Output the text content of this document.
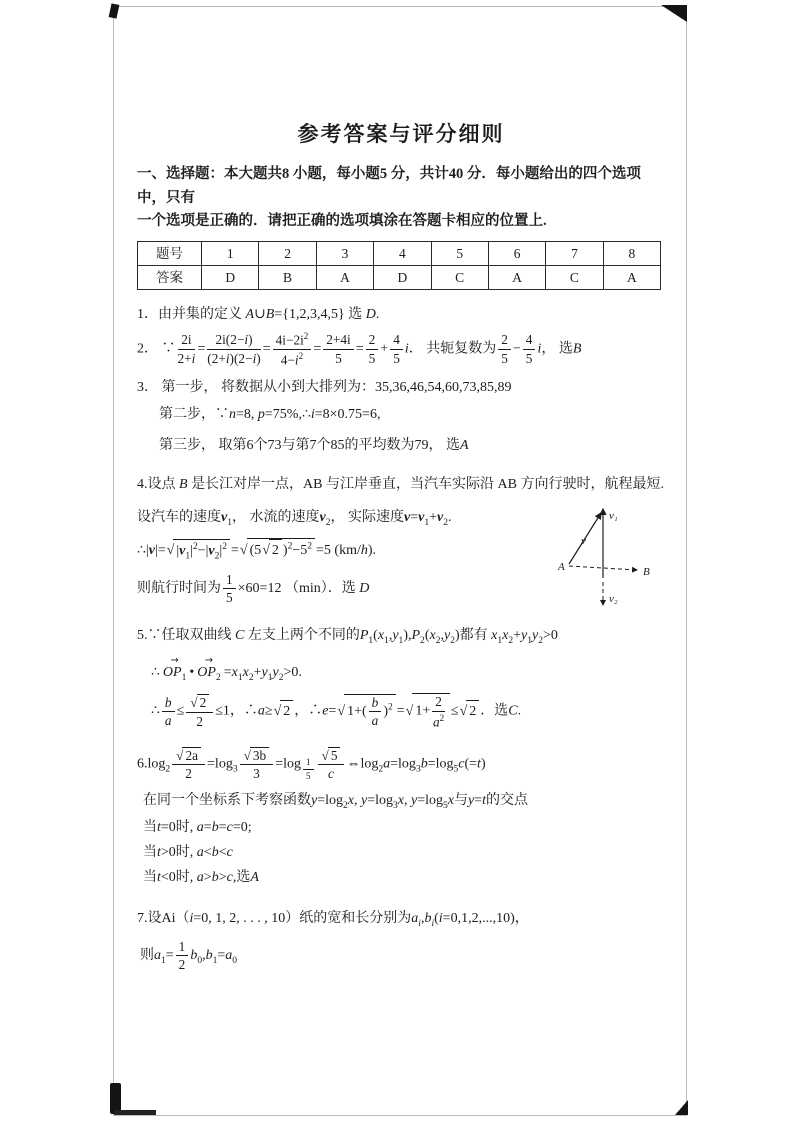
参考答案与评分细则
一、选择题：本大题共8 小题，每小题5 分，共计40 分．每小题给出的四个选项中，只有
一个选项是正确的．请把正确的选项填涂在答题卡相应的位置上.
题号	1	2	3	4	5	6	7	8
答案	D	B	A	D	C	A	C	A
1．由并集的定义 A∪B={1,2,3,4,5} 选 D.
2． ∵ $\frac{2i}{2+i} = \frac{2i(2-i)}{(2+i)(2-i)} = \frac{4i-2i^2}{4-i^2} = \frac{2+4i}{5} = \frac{2}{5} + \frac{4}{5}$ i． 共轭复数为 $\frac{2}{5} - \frac{4}{5}$ i， 选B
3． 第一步， 将数据从小到大排列为：35,36,46,54,60,73,85,89
第二步，∵n=8, p=75%,∴i=8×0.75=6,
第三步， 取第6个73与第7个85的平均数为79， 选A
4.设点 B 是长江对岸一点，AB 与江岸垂直，当汽车实际沿 AB 方向行驶时，航程最短.
设汽车的速度$v_1$， 水流的速度$v_2$， 实际速度$v=v_1+v_2$.
∴|v|=√ $|v_1|^2-|v_2|^2$ =√ (5√ 2 )$^2-5^2 =5$ (km/h).
则航行时间为 $\frac{1}{5} \times 60=12$ （min）．选 D
v₁
v
A	B
v₂
5.∵任取双曲线 C 左支上两个不同的$P_1(x_1,y_1),P_2(x_2,y_2)$都有 $x_1x_2+y_1y_2>0$
∴ $OP_1$ → • $OP_2 \to =x_1x_2+y_1y_2>0$.
∴ $\frac{b}{a} \le \frac{√ 2}{2} \le 1$，∴a≥√ 2 ，∴e=√ $1+( \frac{b}{a} )^2$ =√ $1+ \frac{2}{a^2}$ ≤√ 2 ．选C.
$6.\log_2 \frac{√ 2a}{2} =\log_3 \frac{√ 3b}{3} =\log$ $_{\frac{1}{5}} \frac{√ 5}{c}$ $\Leftrightarrow\log_2a=\log_3b=\log_5c(=t)$
在同一个坐标系下考察函数$y=\log_2x$, $y=\log_3x$, $y=\log_5x$与y=t的交点
当t=0时, a=b=c=0;
当t>0时, a<b<c
当t<0时, a>b>c,选A
7.设Ai（i=0, 1, 2, . . . , 10）纸的宽和长分别为$a_i,b_i(i=0,1,2,...,10)$，
则$a_1= \frac{1}{2} b_0,b_1=a_0$
